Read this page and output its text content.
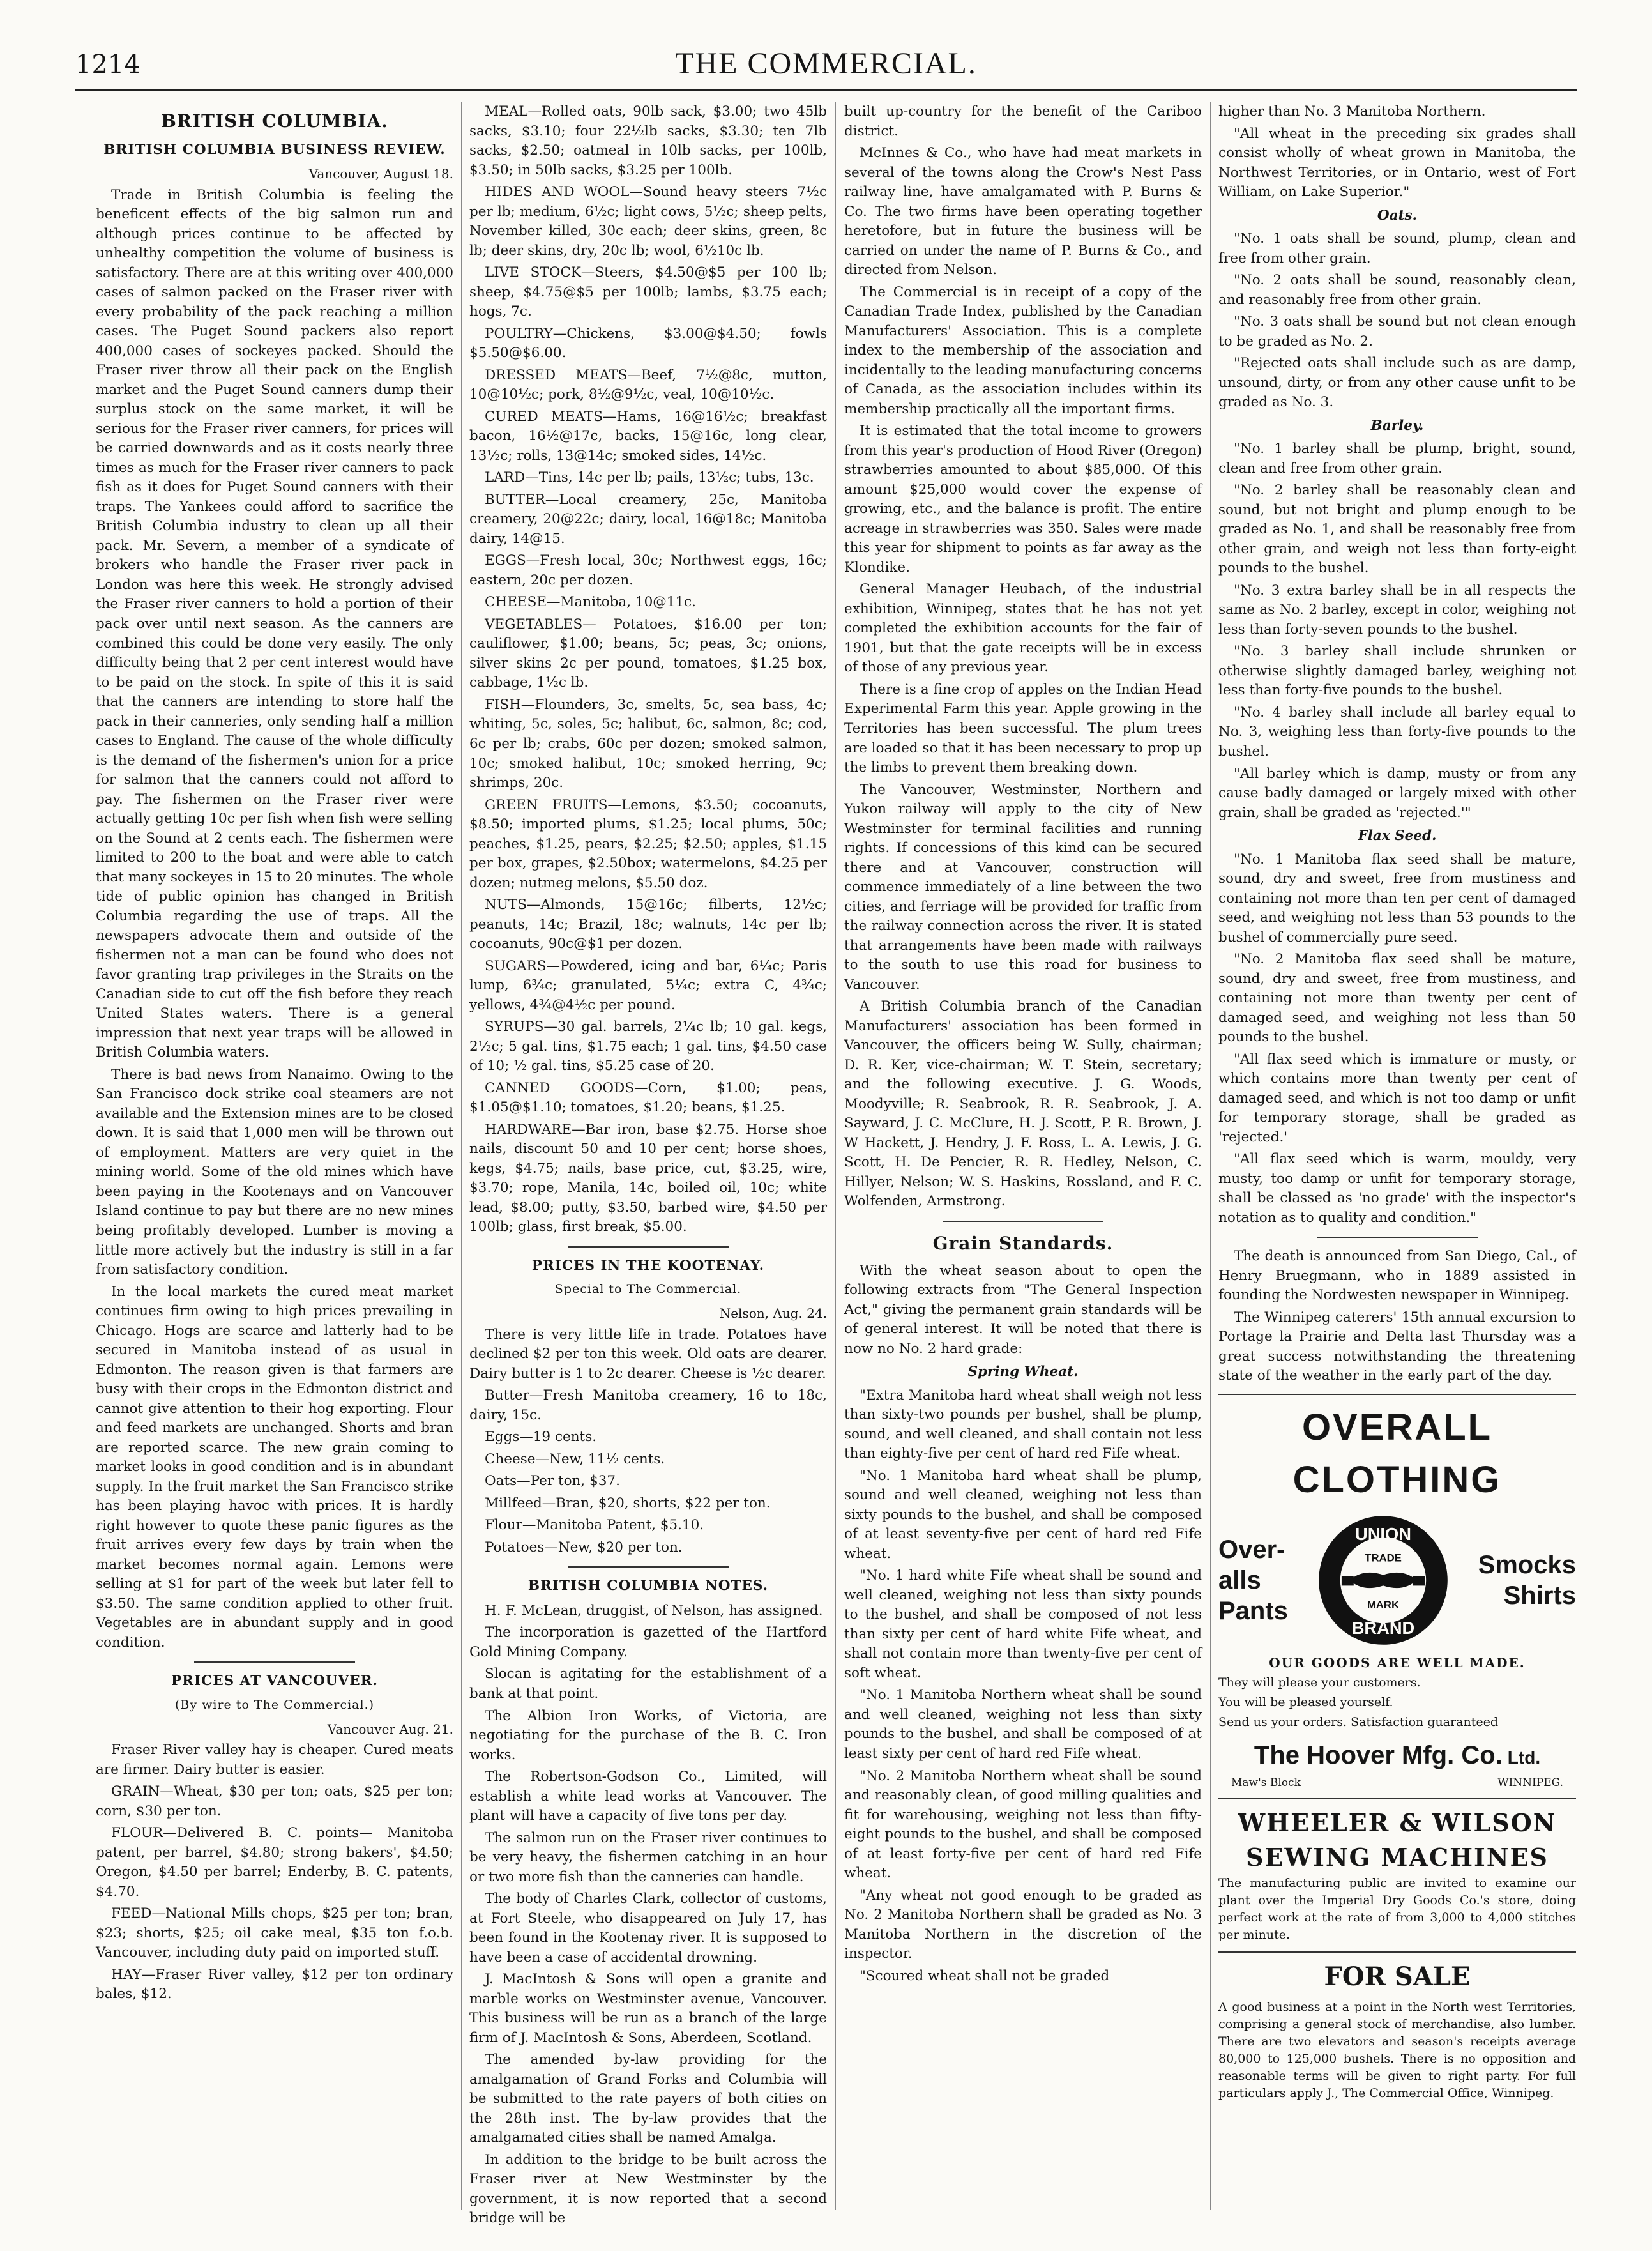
1214	THE COMMERCIAL.
BRITISH COLUMBIA.
BRITISH COLUMBIA BUSINESS REVIEW.

Vancouver, August 18.

Trade in British Columbia is feeling the beneficent effects of the big salmon run and although prices continue to be affected by unhealthy competition the volume of business is satisfactory. There are at this writing over 400,000 cases of salmon packed on the Fraser river with every probability of the pack reaching a million cases. The Puget Sound packers also report 400,000 cases of sockeyes packed. Should the Fraser river throw all their pack on the English market and the Puget Sound canners dump their surplus stock on the same market, it will be serious for the Fraser river canners, for prices will be carried downwards and as it costs nearly three times as much for the Fraser river canners to pack fish as it does for Puget Sound canners with their traps. The Yankees could afford to sacrifice the British Columbia industry to clean up all their pack. Mr. Severn, a member of a syndicate of brokers who handle the Fraser river pack in London was here this week. He strongly advised the Fraser river canners to hold a portion of their pack over until next season. As the canners are combined this could be done very easily. The only difficulty being that 2 per cent interest would have to be paid on the stock. In spite of this it is said that the canners are intending to store half the pack in their canneries, only sending half a million cases to England. The cause of the whole difficulty is the demand of the fishermen's union for a price for salmon that the canners could not afford to pay. The fishermen on the Fraser river were actually getting 10c per fish when fish were selling on the Sound at 2 cents each. The fishermen were limited to 200 to the boat and were able to catch that many sockeyes in 15 to 20 minutes. The whole tide of public opinion has changed in British Columbia regarding the use of traps. All the newspapers advocate them and outside of the fishermen not a man can be found who does not favor granting trap privileges in the Straits on the Canadian side to cut off the fish before they reach United States waters. There is a general impression that next year traps will be allowed in British Columbia waters.

There is bad news from Nanaimo. Owing to the San Francisco dock strike coal steamers are not available and the Extension mines are to be closed down. It is said that 1,000 men will be thrown out of employment. Matters are very quiet in the mining world. Some of the old mines which have been paying in the Kootenays and on Vancouver Island continue to pay but there are no new mines being profitably developed. Lumber is moving a little more actively but the industry is still in a far from satisfactory condition.

In the local markets the cured meat market continues firm owing to high prices prevailing in Chicago. Hogs are scarce and latterly had to be secured in Manitoba instead of as usual in Edmonton. The reason given is that farmers are busy with their crops in the Edmonton district and cannot give attention to their hog exporting. Flour and feed markets are unchanged. Shorts and bran are reported scarce. The new grain coming to market looks in good condition and is in abundant supply. In the fruit market the San Francisco strike has been playing havoc with prices. It is hardly right however to quote these panic figures as the fruit arrives every few days by train when the market becomes normal again. Lemons were selling at $1 for part of the week but later fell to $3.50. The same condition applied to other fruit. Vegetables are in abundant supply and in good condition.

PRICES AT VANCOUVER.
(By wire to The Commercial.)

Vancouver Aug. 21.

Fraser River valley hay is cheaper. Cured meats are firmer. Dairy butter is easier.

GRAIN—Wheat, $30 per ton; oats, $25 per ton; corn, $30 per ton.

FLOUR—Delivered B. C. points— Manitoba patent, per barrel, $4.80; strong bakers', $4.50; Oregon, $4.50 per barrel; Enderby, B. C. patents, $4.70.

FEED—National Mills chops, $25 per ton; bran, $23; shorts, $25; oil cake meal, $35 ton f.o.b. Vancouver, including duty paid on imported stuff.

HAY—Fraser River valley, $12 per ton ordinary bales, $12.

MEAL—Rolled oats, 90lb sack, $3.00; two 45lb sacks, $3.10; four 22½lb sacks, $3.30; ten 7lb sacks, $2.50; oatmeal in 10lb sacks, per 100lb, $3.50; in 50lb sacks, $3.25 per 100lb.

HIDES AND WOOL—Sound heavy steers 7½c per lb; medium, 6½c; light cows, 5½c; sheep pelts, November killed, 30c each; deer skins, green, 8c lb; deer skins, dry, 20c lb; wool, 6½10c lb.

LIVE STOCK—Steers, $4.50@$5 per 100 lb; sheep, $4.75@$5 per 100lb; lambs, $3.75 each; hogs, 7c.

POULTRY—Chickens, $3.00@$4.50; fowls $5.50@$6.00.

DRESSED MEATS—Beef, 7½@8c, mutton, 10@10½c; pork, 8½@9½c, veal, 10@10½c.

CURED MEATS—Hams, 16@16½c; breakfast bacon, 16½@17c, backs, 15@16c, long clear, 13½c; rolls, 13@14c; smoked sides, 14½c.

LARD—Tins, 14c per lb; pails, 13½c; tubs, 13c.

BUTTER—Local creamery, 25c, Manitoba creamery, 20@22c; dairy, local, 16@18c; Manitoba dairy, 14@15.

EGGS—Fresh local, 30c; Northwest eggs, 16c; eastern, 20c per dozen.

CHEESE—Manitoba, 10@11c.

VEGETABLES— Potatoes, $16.00 per ton; cauliflower, $1.00; beans, 5c; peas, 3c; onions, silver skins 2c per pound, tomatoes, $1.25 box, cabbage, 1½c lb.

FISH—Flounders, 3c, smelts, 5c, sea bass, 4c; whiting, 5c, soles, 5c; halibut, 6c, salmon, 8c; cod, 6c per lb; crabs, 60c per dozen; smoked salmon, 10c; smoked halibut, 10c; smoked herring, 9c; shrimps, 20c.

GREEN FRUITS—Lemons, $3.50; cocoanuts, $8.50; imported plums, $1.25; local plums, 50c; peaches, $1.25, pears, $2.25; $2.50; apples, $1.15 per box, grapes, $2.50box; watermelons, $4.25 per dozen; nutmeg melons, $5.50 doz.

NUTS—Almonds, 15@16c; filberts, 12½c; peanuts, 14c; Brazil, 18c; walnuts, 14c per lb; cocoanuts, 90c@$1 per dozen.

SUGARS—Powdered, icing and bar, 6¼c; Paris lump, 6¾c; granulated, 5¼c; extra C, 4¾c; yellows, 4¾@4½c per pound.

SYRUPS—30 gal. barrels, 2¼c lb; 10 gal. kegs, 2½c; 5 gal. tins, $1.75 each; 1 gal. tins, $4.50 case of 10; ½ gal. tins, $5.25 case of 20.

CANNED GOODS—Corn, $1.00; peas, $1.05@$1.10; tomatoes, $1.20; beans, $1.25.

HARDWARE—Bar iron, base $2.75. Horse shoe nails, discount 50 and 10 per cent; horse shoes, kegs, $4.75; nails, base price, cut, $3.25, wire, $3.70; rope, Manila, 14c, boiled oil, 10c; white lead, $8.00; putty, $3.50, barbed wire, $4.50 per 100lb; glass, first break, $5.00.

PRICES IN THE KOOTENAY.
Special to The Commercial.

Nelson, Aug. 24.

There is very little life in trade. Potatoes have declined $2 per ton this week. Old oats are dearer. Dairy butter is 1 to 2c dearer. Cheese is ½c dearer.

Butter—Fresh Manitoba creamery, 16 to 18c, dairy, 15c.

Eggs—19 cents.

Cheese—New, 11½ cents.

Oats—Per ton, $37.

Millfeed—Bran, $20, shorts, $22 per ton.

Flour—Manitoba Patent, $5.10.

Potatoes—New, $20 per ton.

BRITISH COLUMBIA NOTES.

H. F. McLean, druggist, of Nelson, has assigned.

The incorporation is gazetted of the Hartford Gold Mining Company.

Slocan is agitating for the establishment of a bank at that point.

The Albion Iron Works, of Victoria, are negotiating for the purchase of the B. C. Iron works.

The Robertson-Godson Co., Limited, will establish a white lead works at Vancouver. The plant will have a capacity of five tons per day.

The salmon run on the Fraser river continues to be very heavy, the fishermen catching in an hour or two more fish than the canneries can handle.

The body of Charles Clark, collector of customs, at Fort Steele, who disappeared on July 17, has been found in the Kootenay river. It is supposed to have been a case of accidental drowning.

J. MacIntosh & Sons will open a granite and marble works on Westminster avenue, Vancouver. This business will be run as a branch of the large firm of J. MacIntosh & Sons, Aberdeen, Scotland.

The amended by-law providing for the amalgamation of Grand Forks and Columbia will be submitted to the rate payers of both cities on the 28th inst. The by-law provides that the amalgamated cities shall be named Amalga.

In addition to the bridge to be built across the Fraser river at New Westminster by the government, it is now reported that a second bridge will be

built up-country for the benefit of the Cariboo district.

McInnes & Co., who have had meat markets in several of the towns along the Crow's Nest Pass railway line, have amalgamated with P. Burns & Co. The two firms have been operating together heretofore, but in future the business will be carried on under the name of P. Burns & Co., and directed from Nelson.

The Commercial is in receipt of a copy of the Canadian Trade Index, published by the Canadian Manufacturers' Association. This is a complete index to the membership of the association and incidentally to the leading manufacturing concerns of Canada, as the association includes within its membership practically all the important firms.

It is estimated that the total income to growers from this year's production of Hood River (Oregon) strawberries amounted to about $85,000. Of this amount $25,000 would cover the expense of growing, etc., and the balance is profit. The entire acreage in strawberries was 350. Sales were made this year for shipment to points as far away as the Klondike.

General Manager Heubach, of the industrial exhibition, Winnipeg, states that he has not yet completed the exhibition accounts for the fair of 1901, but that the gate receipts will be in excess of those of any previous year.

There is a fine crop of apples on the Indian Head Experimental Farm this year. Apple growing in the Territories has been successful. The plum trees are loaded so that it has been necessary to prop up the limbs to prevent them breaking down.

The Vancouver, Westminster, Northern and Yukon railway will apply to the city of New Westminster for terminal facilities and running rights. If concessions of this kind can be secured there and at Vancouver, construction will commence immediately of a line between the two cities, and ferriage will be provided for traffic from the railway connection across the river. It is stated that arrangements have been made with railways to the south to use this road for business to Vancouver.

A British Columbia branch of the Canadian Manufacturers' association has been formed in Vancouver, the officers being W. Sully, chairman; D. R. Ker, vice-chairman; W. T. Stein, secretary; and the following executive. J. G. Woods, Moodyville; R. Seabrook, R. R. Seabrook, J. A. Sayward, J. C. McClure, H. J. Scott, P. R. Brown, J. W Hackett, J. Hendry, J. F. Ross, L. A. Lewis, J. G. Scott, H. De Pencier, R. R. Hedley, Nelson, C. Hillyer, Nelson; W. S. Haskins, Rossland, and F. C. Wolfenden, Armstrong.

Grain Standards.

With the wheat season about to open the following extracts from "The General Inspection Act," giving the permanent grain standards will be of general interest. It will be noted that there is now no No. 2 hard grade:

Spring Wheat.

"Extra Manitoba hard wheat shall weigh not less than sixty-two pounds per bushel, shall be plump, sound, and well cleaned, and shall contain not less than eighty-five per cent of hard red Fife wheat.

"No. 1 Manitoba hard wheat shall be plump, sound and well cleaned, weighing not less than sixty pounds to the bushel, and shall be composed of at least seventy-five per cent of hard red Fife wheat.

"No. 1 hard white Fife wheat shall be sound and well cleaned, weighing not less than sixty pounds to the bushel, and shall be composed of not less than sixty per cent of hard white Fife wheat, and shall not contain more than twenty-five per cent of soft wheat.

"No. 1 Manitoba Northern wheat shall be sound and well cleaned, weighing not less than sixty pounds to the bushel, and shall be composed of at least sixty per cent of hard red Fife wheat.

"No. 2 Manitoba Northern wheat shall be sound and reasonably clean, of good milling qualities and fit for warehousing, weighing not less than fifty-eight pounds to the bushel, and shall be composed of at least forty-five per cent of hard red Fife wheat.

"Any wheat not good enough to be graded as No. 2 Manitoba Northern shall be graded as No. 3 Manitoba Northern in the discretion of the inspector.

"Scoured wheat shall not be graded

higher than No. 3 Manitoba Northern.

"All wheat in the preceding six grades shall consist wholly of wheat grown in Manitoba, the Northwest Territories, or in Ontario, west of Fort William, on Lake Superior."

Oats.

"No. 1 oats shall be sound, plump, clean and free from other grain.

"No. 2 oats shall be sound, reasonably clean, and reasonably free from other grain.

"No. 3 oats shall be sound but not clean enough to be graded as No. 2.

"Rejected oats shall include such as are damp, unsound, dirty, or from any other cause unfit to be graded as No. 3.

Barley.

"No. 1 barley shall be plump, bright, sound, clean and free from other grain.

"No. 2 barley shall be reasonably clean and sound, but not bright and plump enough to be graded as No. 1, and shall be reasonably free from other grain, and weigh not less than forty-eight pounds to the bushel.

"No. 3 extra barley shall be in all respects the same as No. 2 barley, except in color, weighing not less than forty-seven pounds to the bushel.

"No. 3 barley shall include shrunken or otherwise slightly damaged barley, weighing not less than forty-five pounds to the bushel.

"No. 4 barley shall include all barley equal to No. 3, weighing less than forty-five pounds to the bushel.

"All barley which is damp, musty or from any cause badly damaged or largely mixed with other grain, shall be graded as 'rejected.'"

Flax Seed.

"No. 1 Manitoba flax seed shall be mature, sound, dry and sweet, free from mustiness and containing not more than ten per cent of damaged seed, and weighing not less than 53 pounds to the bushel of commercially pure seed.

"No. 2 Manitoba flax seed shall be mature, sound, dry and sweet, free from mustiness, and containing not more than twenty per cent of damaged seed, and weighing not less than 50 pounds to the bushel.

"All flax seed which is immature or musty, or which contains more than twenty per cent of damaged seed, and which is not too damp or unfit for temporary storage, shall be graded as 'rejected.'

"All flax seed which is warm, mouldy, very musty, too damp or unfit for temporary storage, shall be classed as 'no grade' with the inspector's notation as to quality and condition."

The death is announced from San Diego, Cal., of Henry Bruegmann, who in 1889 assisted in founding the Nordwesten newspaper in Winnipeg.

The Winnipeg caterers' 15th annual excursion to Portage la Prairie and Delta last Thursday was a great success notwithstanding the threatening state of the weather in the early part of the day.

OVERALL CLOTHING
Over-
alls
Pants
UNION
BRAND
TRADE
MARK
Smocks
Shirts
OUR GOODS ARE WELL MADE.

They will please your customers.

You will be pleased yourself.

Send us your orders. Satisfaction guaranteed

The Hoover Mfg. Co. Ltd.
Maw's Block	WINNIPEG.
WHEELER & WILSON
SEWING MACHINES

The manufacturing public are invited to examine our plant over the Imperial Dry Goods Co.'s store, doing perfect work at the rate of from 3,000 to 4,000 stitches per minute.

FOR SALE

A good business at a point in the North west Territories, comprising a general stock of merchandise, also lumber. There are two elevators and season's receipts average 80,000 to 125,000 bushels. There is no opposition and reasonable terms will be given to right party. For full particulars apply J., The Commercial Office, Winnipeg.
